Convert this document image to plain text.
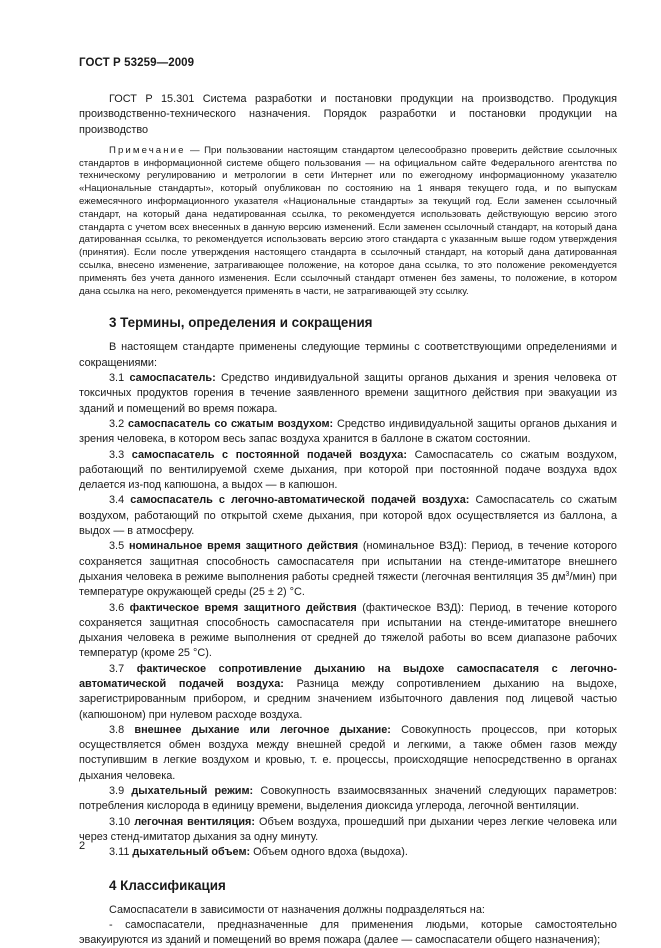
ГОСТ Р 53259—2009

ГОСТ Р 15.301 Система разработки и постановки продукции на производство. Продукция производственно-технического назначения. Порядок разработки и постановки продукции на производство

Примечание — При пользовании настоящим стандартом целесообразно проверить действие ссылочных стандартов в информационной системе общего пользования — на официальном сайте Федерального агентства по техническому регулированию и метрологии в сети Интернет или по ежегодному информационному указателю «Национальные стандарты», который опубликован по состоянию на 1 января текущего года, и по выпускам ежемесячного информационного указателя «Национальные стандарты» за текущий год. Если заменен ссылочный стандарт, на который дана недатированная ссылка, то рекомендуется использовать действующую версию этого стандарта с учетом всех внесенных в данную версию изменений. Если заменен ссылочный стандарт, на который дана датированная ссылка, то рекомендуется использовать версию этого стандарта с указанным выше годом утверждения (принятия). Если после утверждения настоящего стандарта в ссылочный стандарт, на который дана датированная ссылка, внесено изменение, затрагивающее положение, на которое дана ссылка, то это положение рекомендуется применять без учета данного изменения. Если ссылочный стандарт отменен без замены, то положение, в котором дана ссылка на него, рекомендуется применять в части, не затрагивающей эту ссылку.
3 Термины, определения и сокращения

В настоящем стандарте применены следующие термины с соответствующими определениями и сокращениями:

3.1 самоспасатель: Средство индивидуальной защиты органов дыхания и зрения человека от токсичных продуктов горения в течение заявленного времени защитного действия при эвакуации из зданий и помещений во время пожара.

3.2 самоспасатель со сжатым воздухом: Средство индивидуальной защиты органов дыхания и зрения человека, в котором весь запас воздуха хранится в баллоне в сжатом состоянии.

3.3 самоспасатель с постоянной подачей воздуха: Самоспасатель со сжатым воздухом, работающий по вентилируемой схеме дыхания, при которой при постоянной подаче воздуха вдох делается из-под капюшона, а выдох — в капюшон.

3.4 самоспасатель с легочно-автоматической подачей воздуха: Самоспасатель со сжатым воздухом, работающий по открытой схеме дыхания, при которой вдох осуществляется из баллона, а выдох — в атмосферу.

3.5 номинальное время защитного действия (номинальное ВЗД): Период, в течение которого сохраняется защитная способность самоспасателя при испытании на стенде-имитаторе внешнего дыхания человека в режиме выполнения работы средней тяжести (легочная вентиляция 35 $дм^3/мин$) при температуре окружающей среды (25 ± 2) °С.

3.6 фактическое время защитного действия (фактическое ВЗД): Период, в течение которого сохраняется защитная способность самоспасателя при испытании на стенде-имитаторе внешнего дыхания человека в режиме выполнения от средней до тяжелой работы во всем диапазоне рабочих температур (кроме 25 °С).

3.7 фактическое сопротивление дыханию на выдохе самоспасателя с легочно-автоматической подачей воздуха: Разница между сопротивлением дыханию на выдохе, зарегистрированным прибором, и средним значением избыточного давления под лицевой частью (капюшоном) при нулевом расходе воздуха.

3.8 внешнее дыхание или легочное дыхание: Совокупность процессов, при которых осуществляется обмен воздуха между внешней средой и легкими, а также обмен газов между поступившим в легкие воздухом и кровью, т. е. процессы, происходящие непосредственно в органах дыхания человека.

3.9 дыхательный режим: Совокупность взаимосвязанных значений следующих параметров: потребления кислорода в единицу времени, выделения диоксида углерода, легочной вентиляции.

3.10 легочная вентиляция: Объем воздуха, прошедший при дыхании через легкие человека или через стенд-имитатор дыхания за одну минуту.

3.11 дыхательный объем: Объем одного вдоха (выдоха).

4 Классификация

Самоспасатели в зависимости от назначения должны подразделяться на:

- самоспасатели, предназначенные для применения людьми, которые самостоятельно эвакуируются из зданий и помещений во время пожара (далее — самоспасатели общего назначения);

2
